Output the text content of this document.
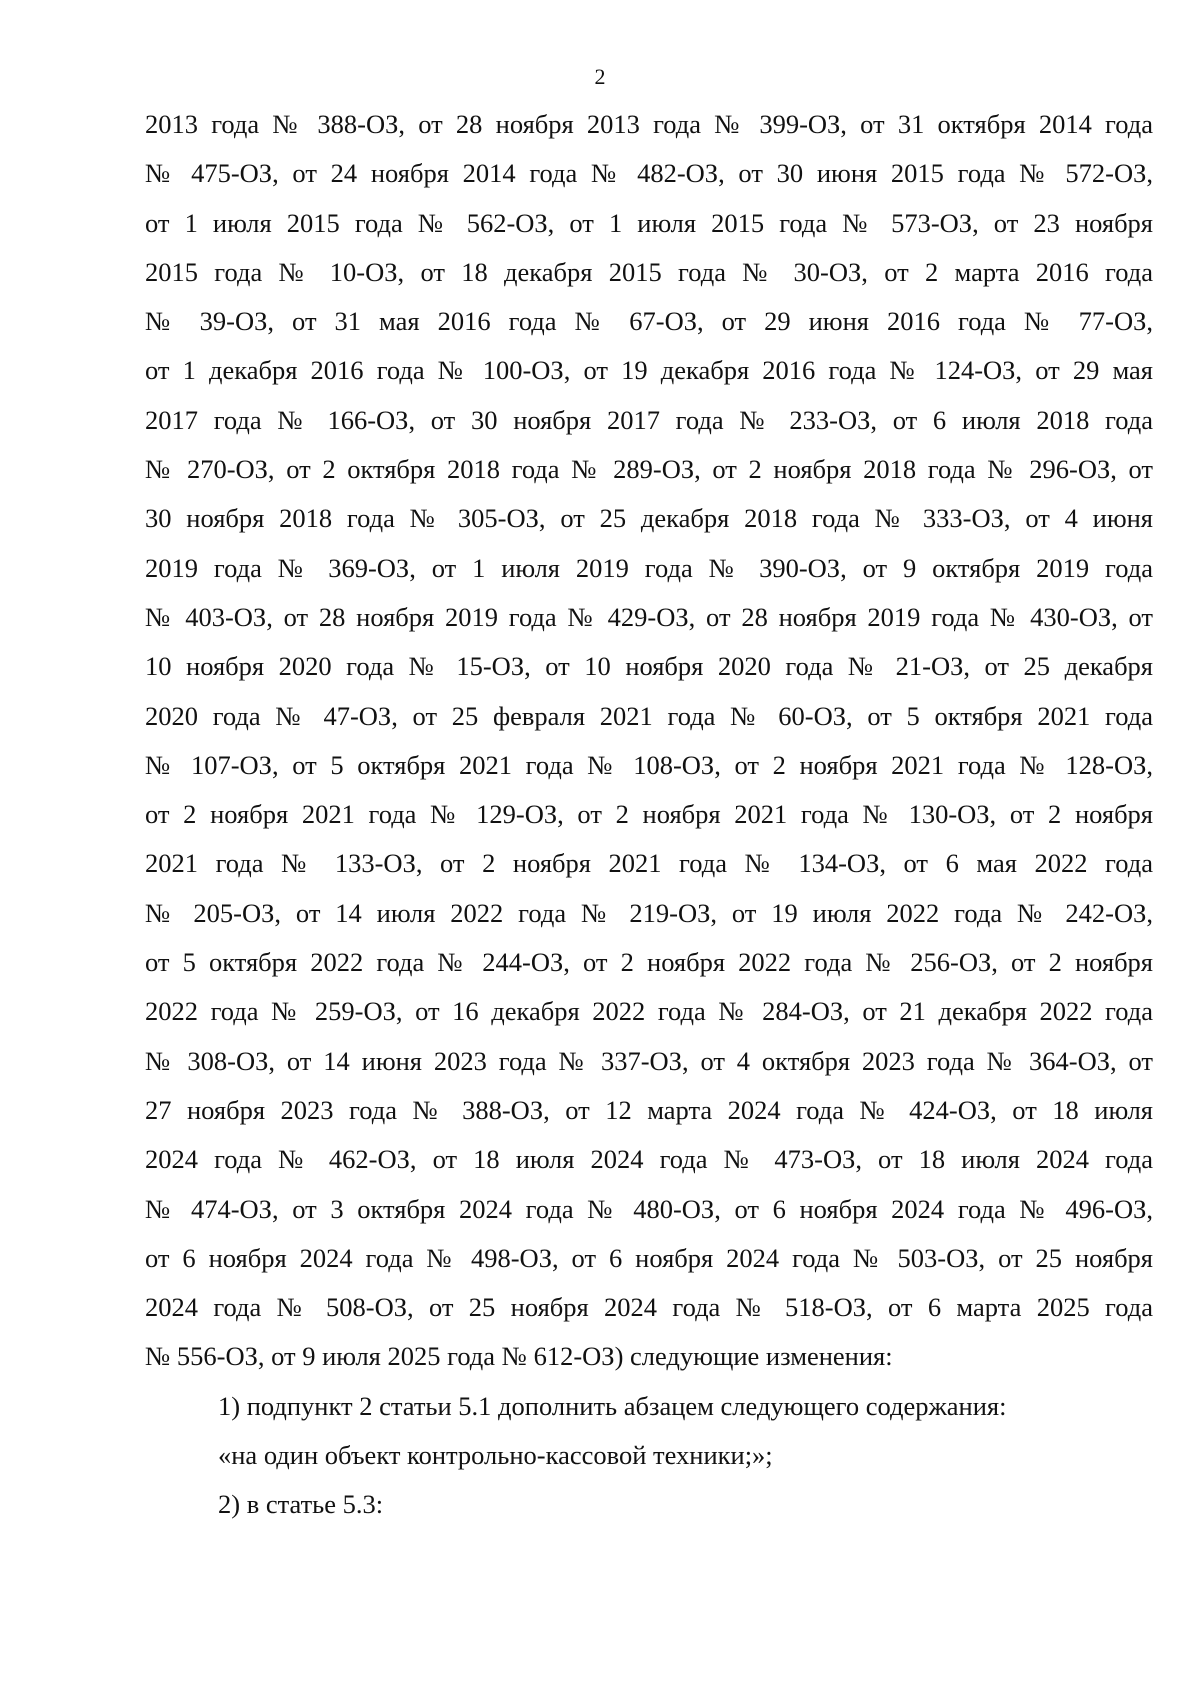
2
2013 года № 388-ОЗ, от 28 ноября 2013 года № 399-ОЗ, от 31 октября 2014 года
№ 475-ОЗ, от 24 ноября 2014 года № 482-ОЗ, от 30 июня 2015 года № 572-ОЗ,
от 1 июля 2015 года № 562-ОЗ, от 1 июля 2015 года № 573-ОЗ, от 23 ноября
2015 года № 10-ОЗ, от 18 декабря 2015 года № 30-ОЗ, от 2 марта 2016 года
№ 39-ОЗ, от 31 мая 2016 года № 67-ОЗ, от 29 июня 2016 года № 77-ОЗ,
от 1 декабря 2016 года № 100-ОЗ, от 19 декабря 2016 года № 124-ОЗ, от 29 мая
2017 года № 166-ОЗ, от 30 ноября 2017 года № 233-ОЗ, от 6 июля 2018 года
№ 270-ОЗ, от 2 октября 2018 года № 289-ОЗ, от 2 ноября 2018 года № 296-ОЗ, от
30 ноября 2018 года № 305-ОЗ, от 25 декабря 2018 года № 333-ОЗ, от 4 июня
2019 года № 369-ОЗ, от 1 июля 2019 года № 390-ОЗ, от 9 октября 2019 года
№ 403-ОЗ, от 28 ноября 2019 года № 429-ОЗ, от 28 ноября 2019 года № 430-ОЗ, от
10 ноября 2020 года № 15-ОЗ, от 10 ноября 2020 года № 21-ОЗ, от 25 декабря
2020 года № 47-ОЗ, от 25 февраля 2021 года № 60-ОЗ, от 5 октября 2021 года
№ 107-ОЗ, от 5 октября 2021 года № 108-ОЗ, от 2 ноября 2021 года № 128-ОЗ,
от 2 ноября 2021 года № 129-ОЗ, от 2 ноября 2021 года № 130-ОЗ, от 2 ноября
2021 года № 133-ОЗ, от 2 ноября 2021 года № 134-ОЗ, от 6 мая 2022 года
№ 205-ОЗ, от 14 июля 2022 года № 219-ОЗ, от 19 июля 2022 года № 242-ОЗ,
от 5 октября 2022 года № 244-ОЗ, от 2 ноября 2022 года № 256-ОЗ, от 2 ноября
2022 года № 259-ОЗ, от 16 декабря 2022 года № 284-ОЗ, от 21 декабря 2022 года
№ 308-ОЗ, от 14 июня 2023 года № 337-ОЗ, от 4 октября 2023 года № 364-ОЗ, от
27 ноября 2023 года № 388-ОЗ, от 12 марта 2024 года № 424-ОЗ, от 18 июля
2024 года № 462-ОЗ, от 18 июля 2024 года № 473-ОЗ, от 18 июля 2024 года
№ 474-ОЗ, от 3 октября 2024 года № 480-ОЗ, от 6 ноября 2024 года № 496-ОЗ,
от 6 ноября 2024 года № 498-ОЗ, от 6 ноября 2024 года № 503-ОЗ, от 25 ноября
2024 года № 508-ОЗ, от 25 ноября 2024 года № 518-ОЗ, от 6 марта 2025 года
№ 556-ОЗ, от 9 июля 2025 года № 612-ОЗ) следующие изменения:
1) подпункт 2 статьи 5.1 дополнить абзацем следующего содержания:
«на один объект контрольно-кассовой техники;»;
2) в статье 5.3:
